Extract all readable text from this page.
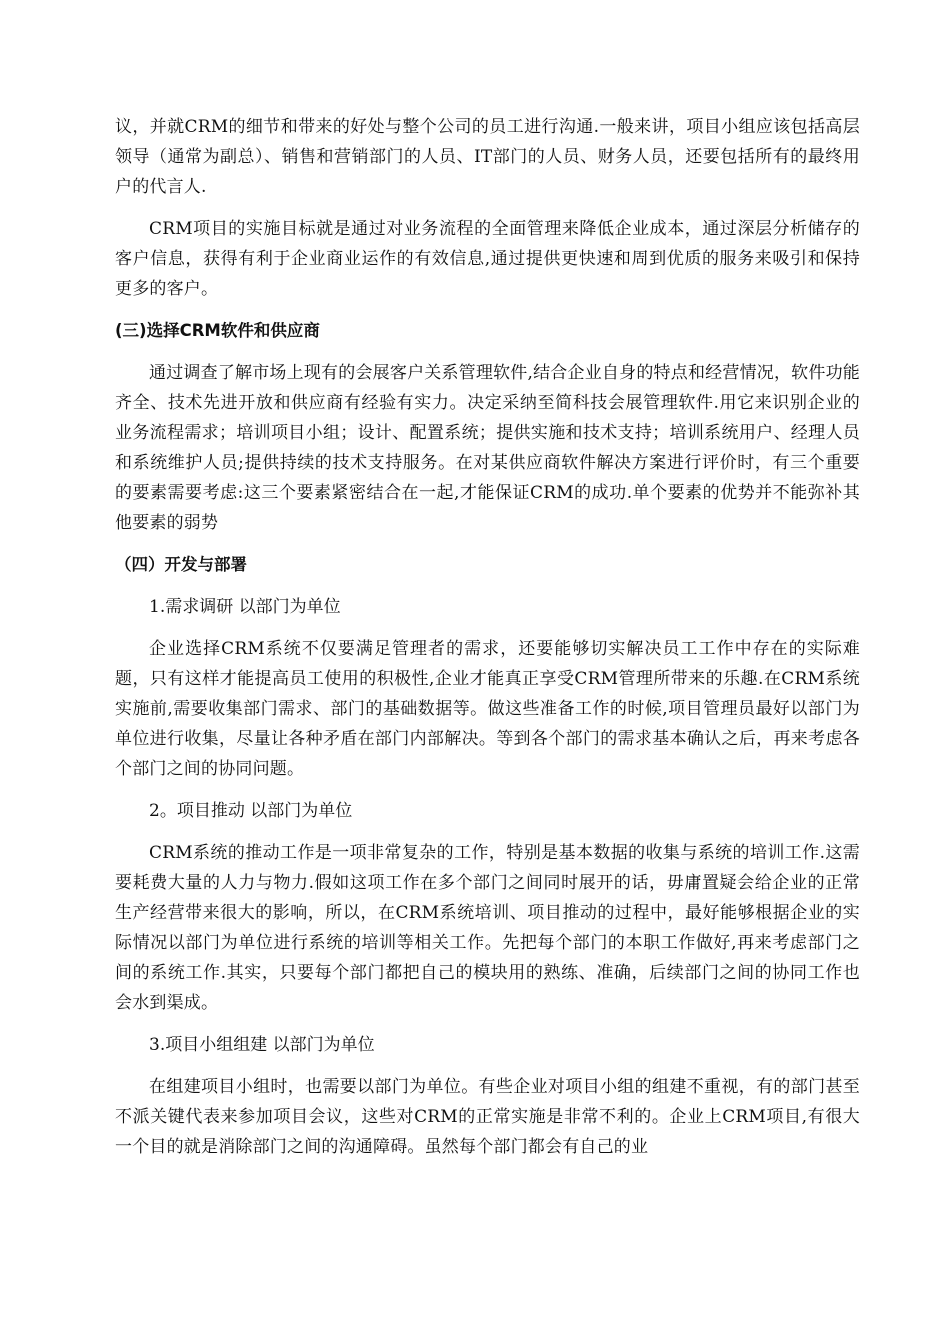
议，并就CRM的细节和带来的好处与整个公司的员工进行沟通.一般来讲，项目小组应该包括高层领导（通常为副总）、销售和营销部门的人员、IT部门的人员、财务人员，还要包括所有的最终用户的代言人.

CRM项目的实施目标就是通过对业务流程的全面管理来降低企业成本，通过深层分析储存的客户信息，获得有利于企业商业运作的有效信息,通过提供更快速和周到优质的服务来吸引和保持更多的客户。

(三)选择CRM软件和供应商

通过调查了解市场上现有的会展客户关系管理软件,结合企业自身的特点和经营情况，软件功能齐全、技术先进开放和供应商有经验有实力。决定采纳至简科技会展管理软件.用它来识别企业的业务流程需求；培训项目小组；设计、配置系统；提供实施和技术支持；培训系统用户、经理人员和系统维护人员;提供持续的技术支持服务。在对某供应商软件解决方案进行评价时，有三个重要的要素需要考虑:这三个要素紧密结合在一起,才能保证CRM的成功.单个要素的优势并不能弥补其他要素的弱势

（四）开发与部署

1.需求调研 以部门为单位

企业选择CRM系统不仅要满足管理者的需求，还要能够切实解决员工工作中存在的实际难题，只有这样才能提高员工使用的积极性,企业才能真正享受CRM管理所带来的乐趣.在CRM系统实施前,需要收集部门需求、部门的基础数据等。做这些准备工作的时候,项目管理员最好以部门为单位进行收集，尽量让各种矛盾在部门内部解决。等到各个部门的需求基本确认之后，再来考虑各个部门之间的协同问题。

2。项目推动 以部门为单位

CRM系统的推动工作是一项非常复杂的工作，特别是基本数据的收集与系统的培训工作.这需要耗费大量的人力与物力.假如这项工作在多个部门之间同时展开的话，毋庸置疑会给企业的正常生产经营带来很大的影响，所以，在CRM系统培训、项目推动的过程中，最好能够根据企业的实际情况以部门为单位进行系统的培训等相关工作。先把每个部门的本职工作做好,再来考虑部门之间的系统工作.其实，只要每个部门都把自己的模块用的熟练、准确，后续部门之间的协同工作也会水到渠成。

3.项目小组组建 以部门为单位

在组建项目小组时，也需要以部门为单位。有些企业对项目小组的组建不重视，有的部门甚至不派关键代表来参加项目会议，这些对CRM的正常实施是非常不利的。企业上CRM项目,有很大一个目的就是消除部门之间的沟通障碍。虽然每个部门都会有自己的业
